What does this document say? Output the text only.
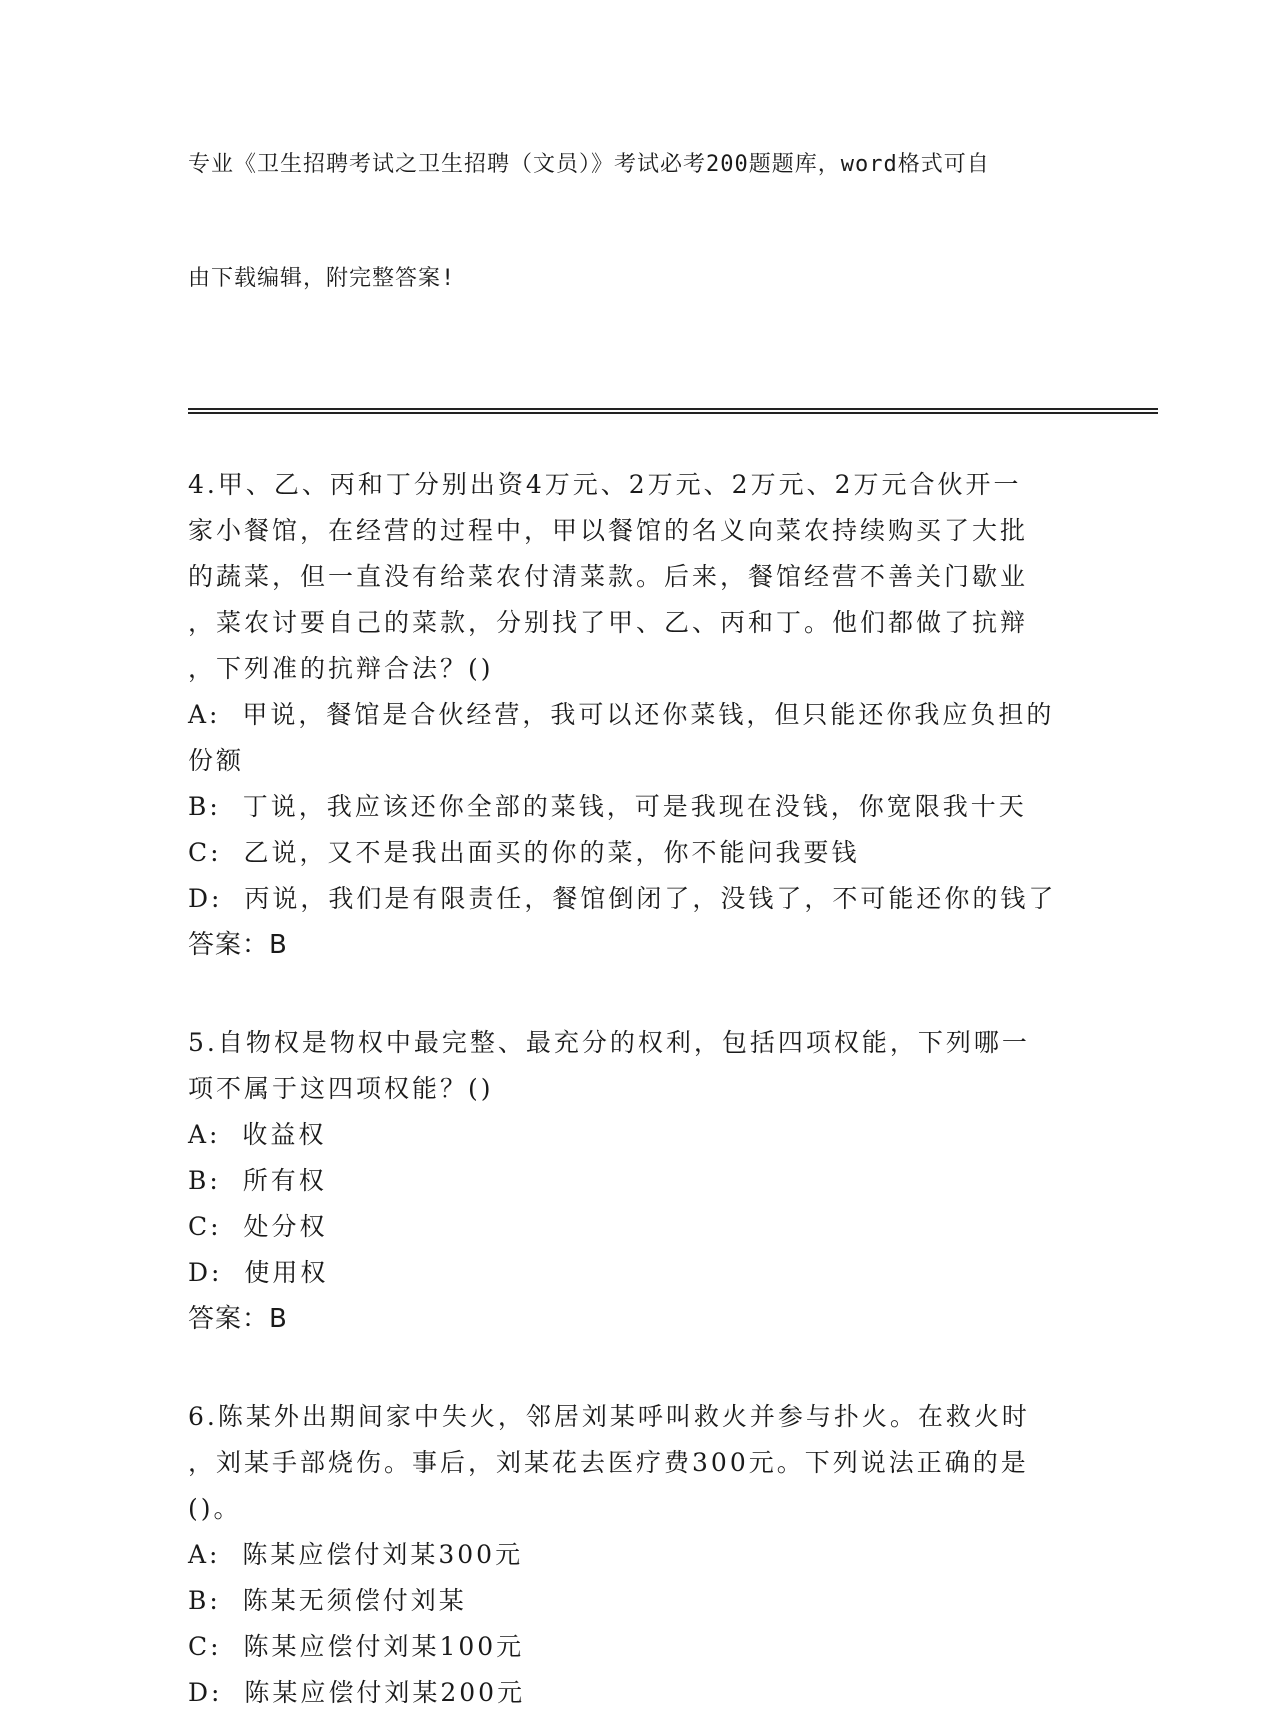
专业《卫生招聘考试之卫生招聘（文员）》考试必考200题题库，word格式可自

由下载编辑，附完整答案!

4.甲、乙、丙和丁分别出资4万元、2万元、2万元、2万元合伙开一
家小餐馆，在经营的过程中，甲以餐馆的名义向菜农持续购买了大批
的蔬菜，但一直没有给菜农付清菜款。后来，餐馆经营不善关门歇业
，菜农讨要自己的菜款，分别找了甲、乙、丙和丁。他们都做了抗辩
，下列准的抗辩合法？()
A:  甲说，餐馆是合伙经营，我可以还你菜钱，但只能还你我应负担的
份额
B:  丁说，我应该还你全部的菜钱，可是我现在没钱，你宽限我十天
C:  乙说，又不是我出面买的你的菜，你不能问我要钱
D:  丙说，我们是有限责任，餐馆倒闭了，没钱了，不可能还你的钱了
答案：B
5.自物权是物权中最完整、最充分的权利，包括四项权能，下列哪一
项不属于这四项权能？()
A:  收益权
B:  所有权
C:  处分权
D:  使用权
答案：B
6.陈某外出期间家中失火，邻居刘某呼叫救火并参与扑火。在救火时
，刘某手部烧伤。事后，刘某花去医疗费300元。下列说法正确的是
()。
A:  陈某应偿付刘某300元
B:  陈某无须偿付刘某
C:  陈某应偿付刘某100元
D:  陈某应偿付刘某200元
